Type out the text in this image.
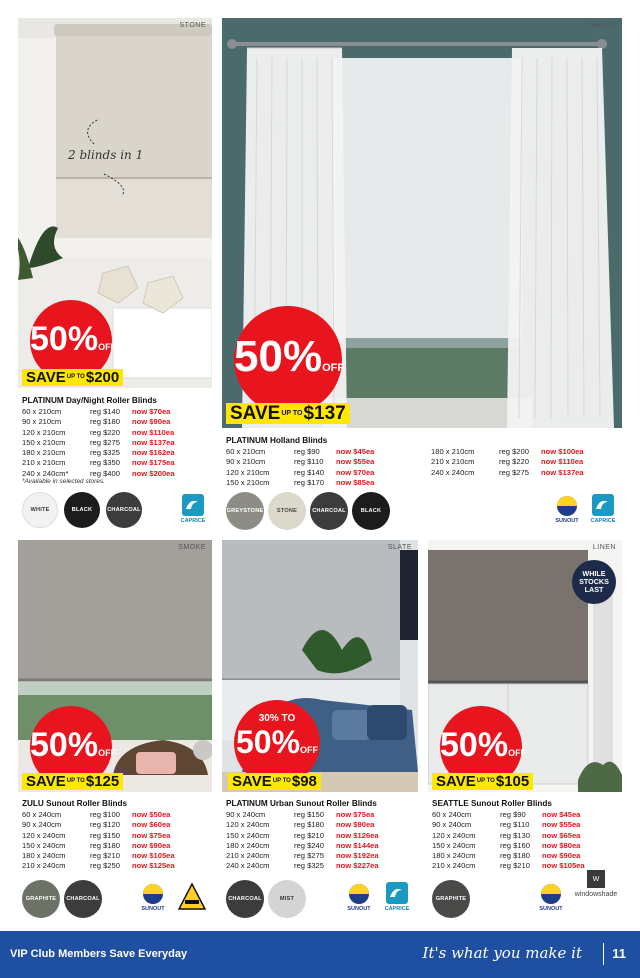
STONE
2 blinds in 1
50%OFF
SAVEUP TO$200
PLATINUM Day/Night Roller Blinds
60 x 210cm	reg $140	now $70ea
90 x 210cm	reg $180	now $90ea
120 x 210cm	reg $220	now $110ea
150 x 210cm	reg $275	now $137ea
180 x 210cm	reg $325	now $162ea
210 x 210cm	reg $350	now $175ea
240 x 240cm*	reg $400	now $200ea
*Available in selected stores.
WHITE	BLACK	CHARCOAL
CAPRICE
WHITE
50%OFF
SAVEUP TO$137
PLATINUM Holland Blinds
60 x 210cm	reg $90	now $45ea
90 x 210cm	reg $110	now $55ea
120 x 210cm	reg $140	now $70ea
150 x 210cm	reg $170	now $85ea
180 x 210cm	reg $200	now $100ea
210 x 210cm	reg $220	now $110ea
240 x 240cm	reg $275	now $137ea
GREYSTONE	STONE	CHARCOAL	BLACK
SUNOUT	CAPRICE
SMOKE
50%OFF
SAVEUP TO$125
ZULU Sunout Roller Blinds
60 x 240cm	reg $100	now $50ea
90 x 240cm	reg $120	now $60ea
120 x 240cm	reg $150	now $75ea
150 x 240cm	reg $180	now $90ea
180 x 240cm	reg $210	now $105ea
210 x 240cm	reg $250	now $125ea
GRAPHITE	CHARCOAL
SUNOUT
SLATE
30% TO
50%OFF
SAVEUP TO$98
PLATINUM Urban Sunout Roller Blinds
90 x 240cm	reg $150	now $75ea
120 x 240cm	reg $180	now $90ea
150 x 240cm	reg $210	now $126ea
180 x 240cm	reg $240	now $144ea
210 x 240cm	reg $275	now $192ea
240 x 240cm	reg $325	now $227ea
CHARCOAL	MIST
SUNOUT	CAPRICE
LINEN
WHILE STOCKS LAST
50%OFF
SAVEUP TO$105
SEATTLE Sunout Roller Blinds
60 x 240cm	reg $90	now $45ea
90 x 240cm	reg $110	now $55ea
120 x 240cm	reg $130	now $65ea
150 x 240cm	reg $160	now $80ea
180 x 240cm	reg $180	now $90ea
210 x 240cm	reg $210	now $105ea
GRAPHITE
SUNOUT
W
windowshade
VIP Club Members Save Everyday	It's what you make it 11
